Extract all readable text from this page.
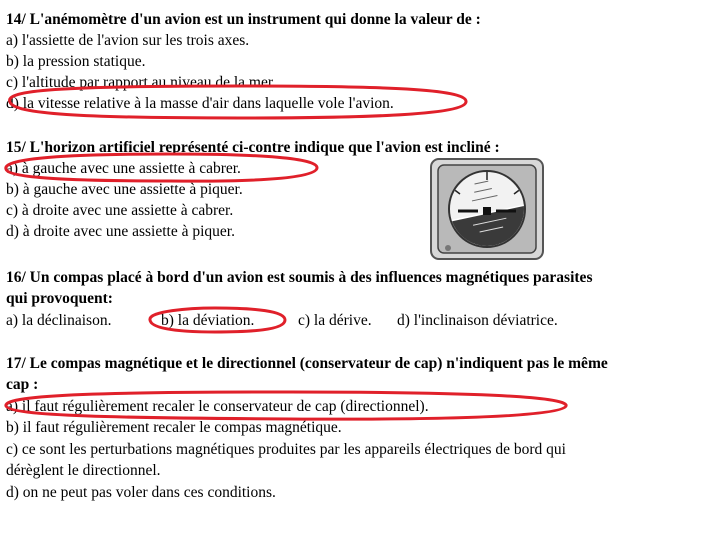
14/ L'anémomètre d'un avion est un instrument qui donne la valeur de :
a) l'assiette de l'avion sur les trois axes.
b) la pression statique.
c) l'altitude par rapport au niveau de la mer.
d) la vitesse relative à la masse d'air dans laquelle vole l'avion.
15/ L'horizon artificiel représenté ci-contre indique que l'avion est incliné :
a) à gauche avec une assiette à cabrer.
b) à gauche avec une assiette à piquer.
c) à droite avec une assiette à cabrer.
d) à droite avec une assiette à piquer.
16/ Un compas placé à bord d'un avion est soumis à des influences magnétiques parasites
qui provoquent:
a) la déclinaison.	b) la déviation.	c) la dérive. d) l'inclinaison déviatrice.
17/ Le compas magnétique et le directionnel (conservateur de cap) n'indiquent pas le même
cap :
a) il faut régulièrement recaler le conservateur de cap (directionnel).
b) il faut régulièrement recaler le compas magnétique.
c) ce sont les perturbations magnétiques produites par les appareils électriques de bord qui
dérèglent le directionnel.
d) on ne peut pas voler dans ces conditions.
